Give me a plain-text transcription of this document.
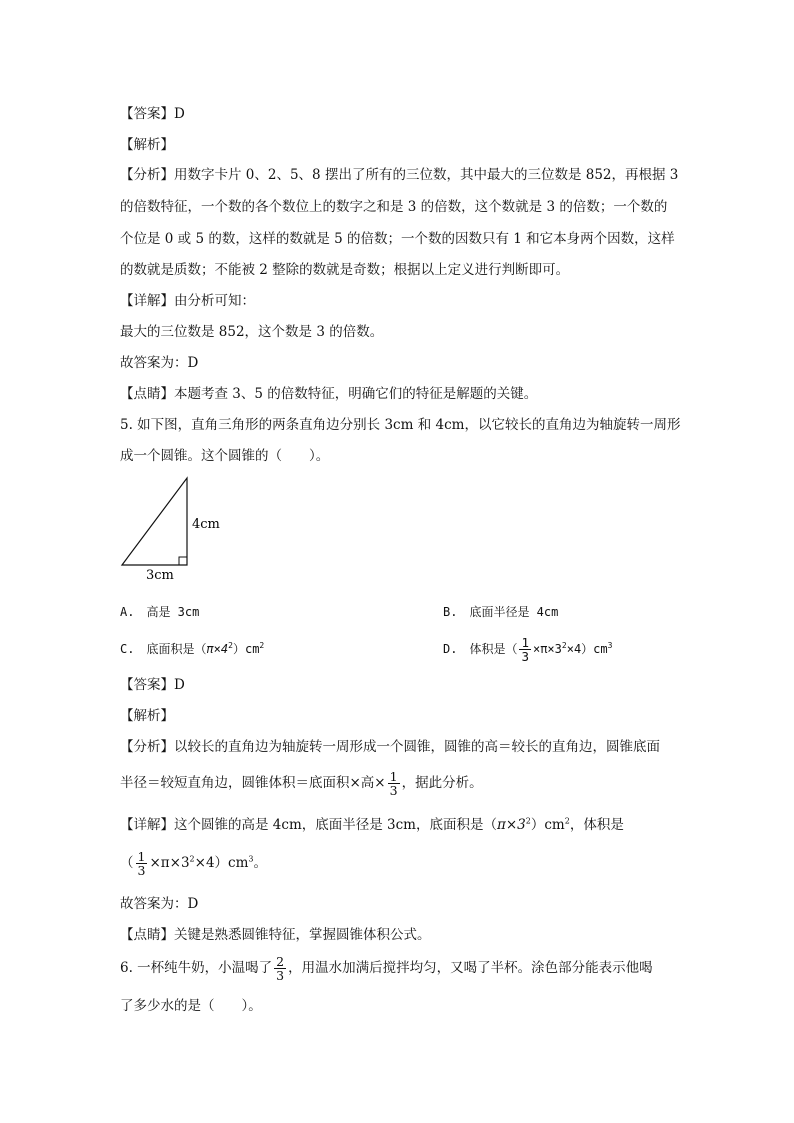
【答案】D
【解析】
【分析】用数字卡片 0、2、5、8 摆出了所有的三位数，其中最大的三位数是 852，再根据 3
的倍数特征，一个数的各个数位上的数字之和是 3 的倍数，这个数就是 3 的倍数；一个数的
个位是 0 或 5 的数，这样的数就是 5 的倍数；一个数的因数只有 1 和它本身两个因数，这样
的数就是质数；不能被 2 整除的数就是奇数；根据以上定义进行判断即可。
【详解】由分析可知：
最大的三位数是 852，这个数是 3 的倍数。
故答案为：D
【点睛】本题考查 3、5 的倍数特征，明确它们的特征是解题的关键。
5. 如下图，直角三角形的两条直角边分别长 3cm 和 4cm，以它较长的直角边为轴旋转一周形
成一个圆锥。这个圆锥的（　　）。
4cm
3cm
A.　高是 3cm	B.　底面半径是 4cm
C.　底面积是$(\pi\times 4^2)cm^2$	D.　体积是（ $\frac{1}{3} \times\pi\times 3^2\times 4)cm^3$
【答案】D
【解析】
【分析】以较长的直角边为轴旋转一周形成一个圆锥，圆锥的高＝较长的直角边，圆锥底面
半径＝较短直角边，圆锥体积＝底面积×高× $\frac{1}{3}$ ，据此分析。
【详解】这个圆锥的高是 4cm，底面半径是 3cm，底面积是$(\pi\times 3^2)cm^2$，体积是
（ $\frac{1}{3} \times\pi\times 3^2\times 4)cm^3$。
故答案为：D
【点睛】关键是熟悉圆锥特征，掌握圆锥体积公式。
6. 一杯纯牛奶，小温喝了 $\frac{2}{3}$ ，用温水加满后搅拌均匀，又喝了半杯。涂色部分能表示他喝
了多少水的是（　　）。
